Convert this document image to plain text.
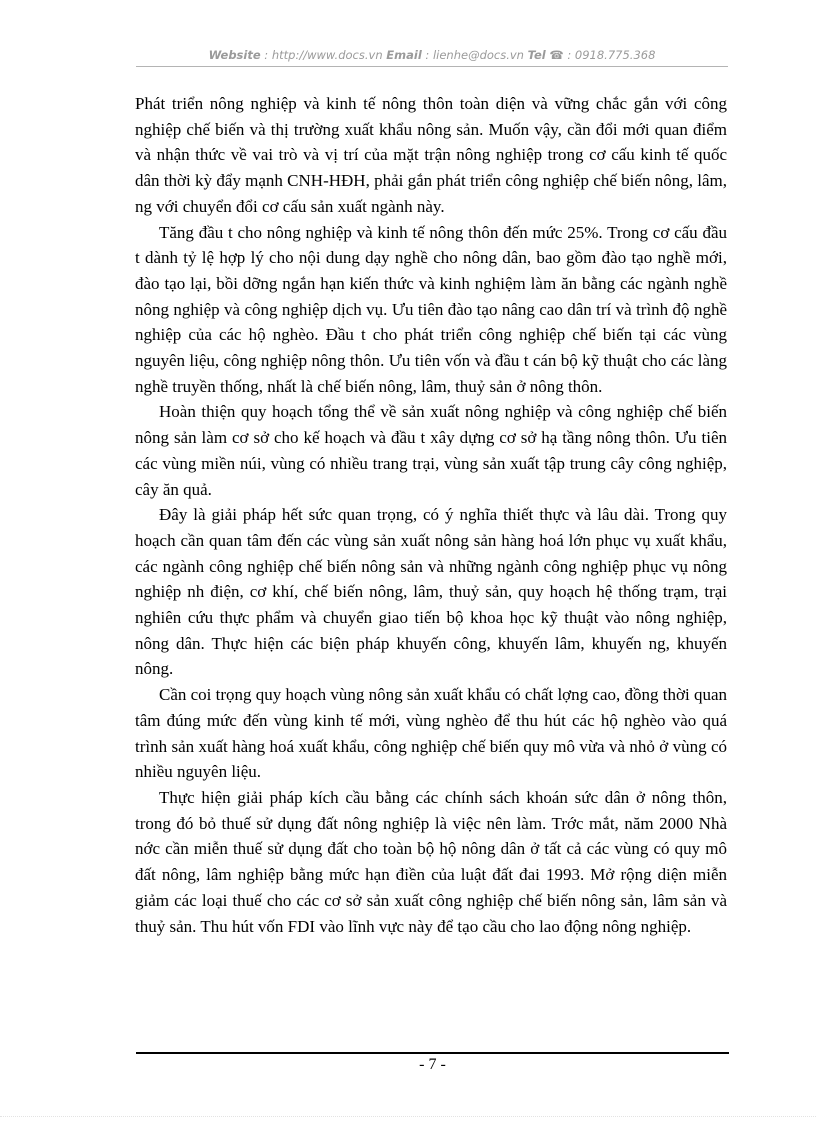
Website : http://www.docs.vn Email : lienhe@docs.vn Tel ☎ : 0918.775.368

Phát triển nông nghiệp và kinh tế nông thôn toàn diện và vững chắc gắn với công nghiệp chế biến và thị trường xuất khẩu nông sản. Muốn vậy, cần đổi mới quan điểm và nhận thức về vai trò và vị trí của mặt trận nông nghiệp trong cơ cấu kinh tế quốc dân thời kỳ đẩy mạnh CNH-HĐH, phải gắn phát triển công nghiệp chế biến nông, lâm, ng với chuyển đổi cơ cấu sản xuất ngành này.

Tăng đầu t cho nông nghiệp và kinh tế nông thôn đến mức 25%. Trong cơ cấu đầu t dành tỷ lệ hợp lý cho nội dung dạy nghề cho nông dân, bao gồm đào tạo nghề mới, đào tạo lại, bồi dỡng ngắn hạn kiến thức và kinh nghiệm làm ăn bằng các ngành nghề nông nghiệp và công nghiệp dịch vụ. Ưu tiên đào tạo nâng cao dân trí và trình độ nghề nghiệp của các hộ nghèo. Đầu t cho phát triển công nghiệp chế biến tại các vùng nguyên liệu, công nghiệp nông thôn. Ưu tiên vốn và đầu t cán bộ kỹ thuật cho các làng nghề truyền thống, nhất là chế biến nông, lâm, thuỷ sản ở nông thôn.

Hoàn thiện quy hoạch tổng thể về sản xuất nông nghiệp và công nghiệp chế biến nông sản làm cơ sở cho kế hoạch và đầu t xây dựng cơ sở hạ tầng nông thôn. Ưu tiên các vùng miền núi, vùng có nhiều trang trại, vùng sản xuất tập trung cây công nghiệp, cây ăn quả.

Đây là giải pháp hết sức quan trọng, có ý nghĩa thiết thực và lâu dài. Trong quy hoạch cần quan tâm đến các vùng sản xuất nông sản hàng hoá lớn phục vụ xuất khẩu, các ngành công nghiệp chế biến nông sản và những ngành công nghiệp phục vụ nông nghiệp nh điện, cơ khí, chế biến nông, lâm, thuỷ sản, quy hoạch hệ thống trạm, trại nghiên cứu thực phẩm và chuyển giao tiến bộ khoa học kỹ thuật vào nông nghiệp, nông dân. Thực hiện các biện pháp khuyến công, khuyến lâm, khuyến ng, khuyến nông.

Cần coi trọng quy hoạch vùng nông sản xuất khẩu có chất lợng cao, đồng thời quan tâm đúng mức đến vùng kinh tế mới, vùng nghèo để thu hút các hộ nghèo vào quá trình sản xuất hàng hoá xuất khẩu, công nghiệp chế biến quy mô vừa và nhỏ ở vùng có nhiều nguyên liệu.

Thực hiện giải pháp kích cầu bằng các chính sách khoán sức dân ở nông thôn, trong đó bỏ thuế sử dụng đất nông nghiệp là việc nên làm. Trớc mắt, năm 2000 Nhà nớc cần miễn thuế sử dụng đất cho toàn bộ hộ nông dân ở tất cả các vùng có quy mô đất nông, lâm nghiệp bằng mức hạn điền của luật đất đai 1993. Mở rộng diện miễn giảm các loại thuế cho các cơ sở sản xuất công nghiệp chế biến nông sản, lâm sản và thuỷ sản. Thu hút vốn FDI vào lĩnh vực này để tạo cầu cho lao động nông nghiệp.

- 7 -
